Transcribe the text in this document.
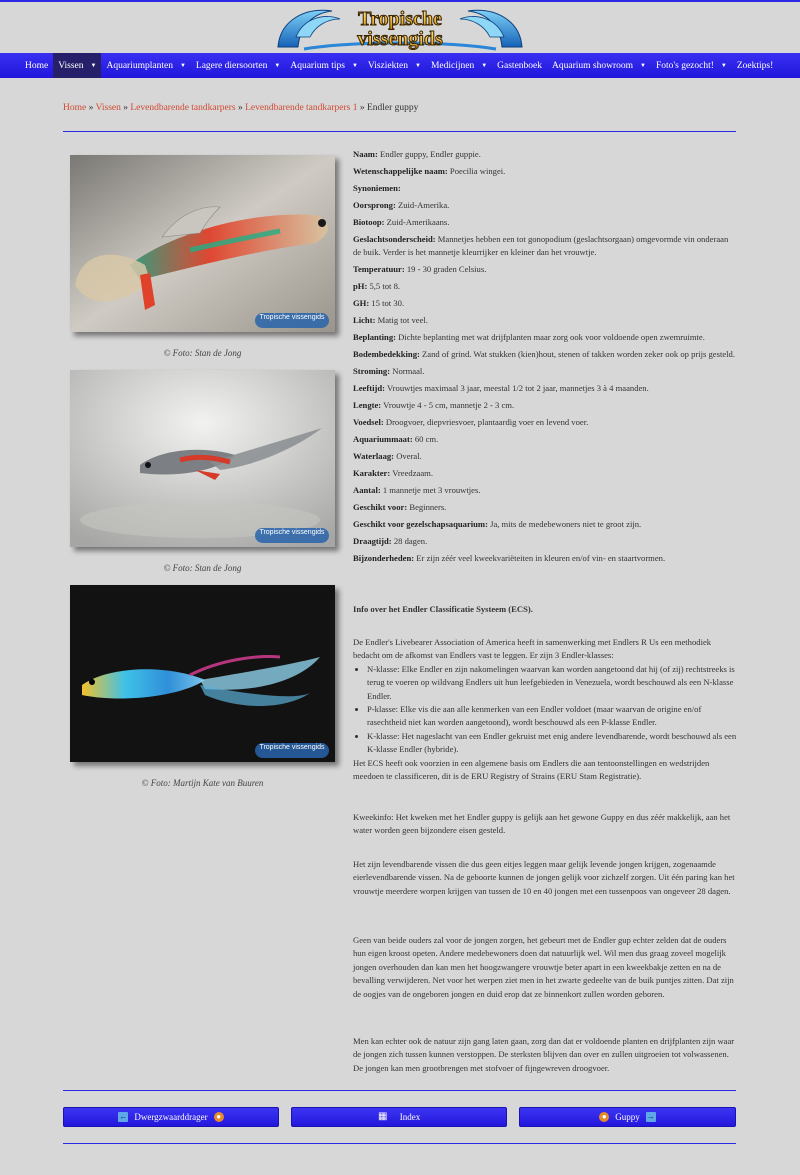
Tropische
vissengids
Home Vissen ▼ Aquariumplanten ▼ Lagere diersoorten ▼ Aquarium tips ▼ Visziekten ▼ Medicijnen ▼ Gastenboek Aquarium showroom ▼ Foto's gezocht! ▼ Zoektips!
Home » Vissen » Levendbarende tandkarpers » Levendbarende tandkarpers 1 » Endler guppy
Tropische vissengids
© Foto: Stan de Jong
Tropische vissengids
© Foto: Stan de Jong
Tropische vissengids
© Foto: Martijn Kate van Buuren

Naam: Endler guppy, Endler guppie.

Wetenschappelijke naam: Poecilia wingei.

Synoniemen:

Oorsprong: Zuid-Amerika.

Biotoop: Zuid-Amerikaans.

Geslachtsonderscheid: Mannetjes hebben een tot gonopodium (geslachtsorgaan) omgevormde vin onderaan de buik. Verder is het mannetje kleurrijker en kleiner dan het vrouwtje.

Temperatuur: 19 - 30 graden Celsius.

pH: 5,5 tot 8.

GH: 15 tot 30.

Licht: Matig tot veel.

Beplanting: Dichte beplanting met wat drijfplanten maar zorg ook voor voldoende open zwemruimte.

Bodembedekking: Zand of grind. Wat stukken (kien)hout, stenen of takken worden zeker ook op prijs gesteld.

Stroming: Normaal.

Leeftijd: Vrouwtjes maximaal 3 jaar, meestal 1/2 tot 2 jaar, mannetjes 3 à 4 maanden.

Lengte: Vrouwtje 4 - 5 cm, mannetje 2 - 3 cm.

Voedsel: Droogvoer, diepvriesvoer, plantaardig voer en levend voer.

Aquariummaat: 60 cm.

Waterlaag: Overal.

Karakter: Vreedzaam.

Aantal: 1 mannetje met 3 vrouwtjes.

Geschikt voor: Beginners.

Geschikt voor gezelschapsaquarium: Ja, mits de medebewoners niet te groot zijn.

Draagtijd: 28 dagen.

Bijzonderheden: Er zijn zéér veel kweekvariëteiten in kleuren en/of vin- en staartvormen.

Info over het Endler Classificatie Systeem (ECS).

De Endler's Livebearer Association of America heeft in samenwerking met Endlers R Us een methodiek bedacht om de afkomst van Endlers vast te leggen. Er zijn 3 Endler-klasses:

• N-klasse: Elke Endler en zijn nakomelingen waarvan kan worden aangetoond dat hij (of zij) rechtstreeks is terug te voeren op wildvang Endlers uit hun leefgebieden in Venezuela, wordt beschouwd als een N-klasse Endler.
• P-klasse: Elke vis die aan alle kenmerken van een Endler voldoet (maar waarvan de origine en/of rasechtheid niet kan worden aangetoond), wordt beschouwd als een P-klasse Endler.
• K-klasse: Het nageslacht van een Endler gekruist met enig andere levendbarende, wordt beschouwd als een K-klasse Endler (hybride).

Het ECS heeft ook voorzien in een algemene basis om Endlers die aan tentoonstellingen en wedstrijden meedoen te classificeren, dit is de ERU Registry of Strains (ERU Stam Registratie).

Kweekinfo: Het kweken met het Endler guppy is gelijk aan het gewone Guppy en dus zéér makkelijk, aan het water worden geen bijzondere eisen gesteld.

Het zijn levendbarende vissen die dus geen eitjes leggen maar gelijk levende jongen krijgen, zogenaamde eierlevendbarende vissen. Na de geboorte kunnen de jongen gelijk voor zichzelf zorgen. Uit één paring kan het vrouwtje meerdere worpen krijgen van tussen de 10 en 40 jongen met een tussenpoos van ongeveer 28 dagen.

Geen van beide ouders zal voor de jongen zorgen, het gebeurt met de Endler gup echter zelden dat de ouders hun eigen kroost opeten. Andere medebewoners doen dat natuurlijk wel. Wil men dus graag zoveel mogelijk jongen overhouden dan kan men het hoogzwangere vrouwtje beter apart in een kweekbakje zetten en na de bevalling verwijderen. Net voor het werpen ziet men in het zwarte gedeelte van de buik puntjes zitten. Dat zijn de oogjes van de ongeboren jongen en duid erop dat ze binnenkort zullen worden geboren.

Men kan echter ook de natuur zijn gang laten gaan, zorg dan dat er voldoende planten en drijfplanten zijn waar de jongen zich tussen kunnen verstoppen. De sterksten blijven dan over en zullen uitgroeien tot volwassenen. De jongen kan men grootbrengen met stofvoer of fijngewreven droogvoer.

← Dwergzwaarddrager	●	▦ Index	● Guppy →
